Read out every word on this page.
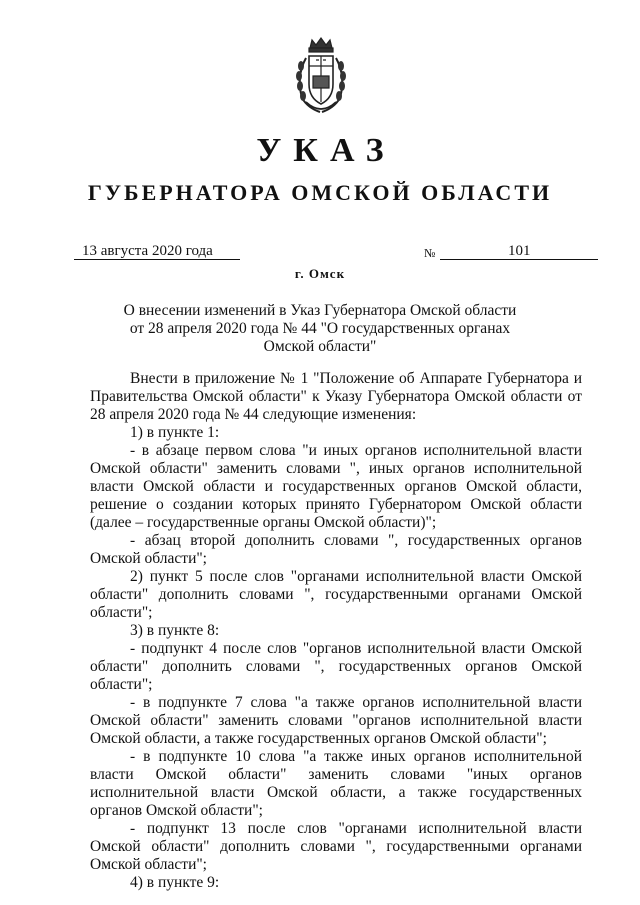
УКАЗ
ГУБЕРНАТОРА ОМСКОЙ ОБЛАСТИ
13 августа 2020 года	№	101
г. Омск
О внесении изменений в Указ Губернатора Омской области
от 28 апреля 2020 года № 44 "О государственных органах
Омской области"

Внести в приложение № 1 "Положение об Аппарате Губернатора и Правительства Омской области" к Указу Губернатора Омской области от 28 апреля 2020 года № 44 следующие изменения:

1) в пункте 1:

- в абзаце первом слова "и иных органов исполнительной власти Омской области" заменить словами ", иных органов исполнительной власти Омской области и государственных органов Омской области, решение о создании которых принято Губернатором Омской области (далее – государственные органы Омской области)";

- абзац второй дополнить словами ", государственных органов Омской области";

2) пункт 5 после слов "органами исполнительной власти Омской области" дополнить словами ", государственными органами Омской области";

3) в пункте 8:

- подпункт 4 после слов "органов исполнительной власти Омской области" дополнить словами ", государственных органов Омской области";

- в подпункте 7 слова "а также органов исполнительной власти Омской области" заменить словами "органов исполнительной власти Омской области, а также государственных органов Омской области";

- в подпункте 10 слова "а также иных органов исполнительной власти Омской области" заменить словами "иных органов исполнительной власти Омской области, а также государственных органов Омской области";

- подпункт 13 после слов "органами исполнительной власти Омской области" дополнить словами ", государственными органами Омской области";

4) в пункте 9:
